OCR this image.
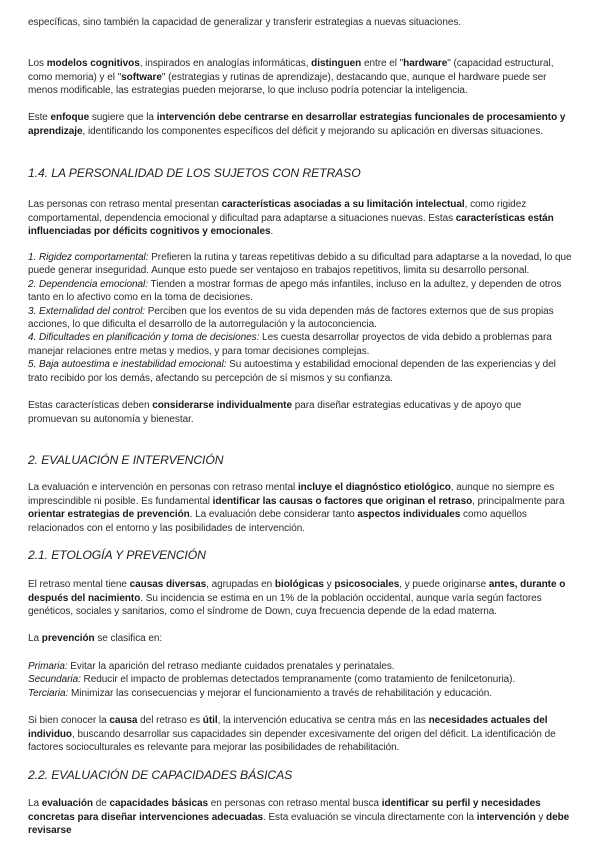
específicas, sino también la capacidad de generalizar y transferir estrategias a nuevas situaciones.

Los modelos cognitivos, inspirados en analogías informáticas, distinguen entre el "hardware" (capacidad estructural, como memoria) y el "software" (estrategias y rutinas de aprendizaje), destacando que, aunque el hardware puede ser menos modificable, las estrategias pueden mejorarse, lo que incluso podría potenciar la inteligencia.

Este enfoque sugiere que la intervención debe centrarse en desarrollar estrategias funcionales de procesamiento y aprendizaje, identificando los componentes específicos del déficit y mejorando su aplicación en diversas situaciones.

1.4. LA PERSONALIDAD DE LOS SUJETOS CON RETRASO

Las personas con retraso mental presentan características asociadas a su limitación intelectual, como rigidez comportamental, dependencia emocional y dificultad para adaptarse a situaciones nuevas. Estas características están influenciadas por déficits cognitivos y emocionales.

1. Rigidez comportamental: Prefieren la rutina y tareas repetitivas debido a su dificultad para adaptarse a la novedad, lo que puede generar inseguridad. Aunque esto puede ser ventajoso en trabajos repetitivos, limita su desarrollo personal.

2. Dependencia emocional: Tienden a mostrar formas de apego más infantiles, incluso en la adultez, y dependen de otros tanto en lo afectivo como en la toma de decisiones.

3. Externalidad del control: Perciben que los eventos de su vida dependen más de factores externos que de sus propias acciones, lo que dificulta el desarrollo de la autorregulación y la autoconciencia.

4. Dificultades en planificación y toma de decisiones: Les cuesta desarrollar proyectos de vida debido a problemas para manejar relaciones entre metas y medios, y para tomar decisiones complejas.

5. Baja autoestima e inestabilidad emocional: Su autoestima y estabilidad emocional dependen de las experiencias y del trato recibido por los demás, afectando su percepción de sí mismos y su confianza.

Estas características deben considerarse individualmente para diseñar estrategias educativas y de apoyo que promuevan su autonomía y bienestar.

2. EVALUACIÓN E INTERVENCIÓN

La evaluación e intervención en personas con retraso mental incluye el diagnóstico etiológico, aunque no siempre es imprescindible ni posible. Es fundamental identificar las causas o factores que originan el retraso, principalmente para orientar estrategias de prevención. La evaluación debe considerar tanto aspectos individuales como aquellos relacionados con el entorno y las posibilidades de intervención.

2.1. ETOLOGÍA Y PREVENCIÓN

El retraso mental tiene causas diversas, agrupadas en biológicas y psicosociales, y puede originarse antes, durante o después del nacimiento. Su incidencia se estima en un 1% de la población occidental, aunque varía según factores genéticos, sociales y sanitarios, como el síndrome de Down, cuya frecuencia depende de la edad materna.

La prevención se clasifica en:

Primaria: Evitar la aparición del retraso mediante cuidados prenatales y perinatales.

Secundaria: Reducir el impacto de problemas detectados tempranamente (como tratamiento de fenilcetonuria).

Terciaria: Minimizar las consecuencias y mejorar el funcionamiento a través de rehabilitación y educación.

Si bien conocer la causa del retraso es útil, la intervención educativa se centra más en las necesidades actuales del individuo, buscando desarrollar sus capacidades sin depender excesivamente del origen del déficit. La identificación de factores socioculturales es relevante para mejorar las posibilidades de rehabilitación.

2.2. EVALUACIÓN DE CAPACIDADES BÁSICAS

La evaluación de capacidades básicas en personas con retraso mental busca identificar su perfil y necesidades concretas para diseñar intervenciones adecuadas. Esta evaluación se vincula directamente con la intervención y debe revisarse
